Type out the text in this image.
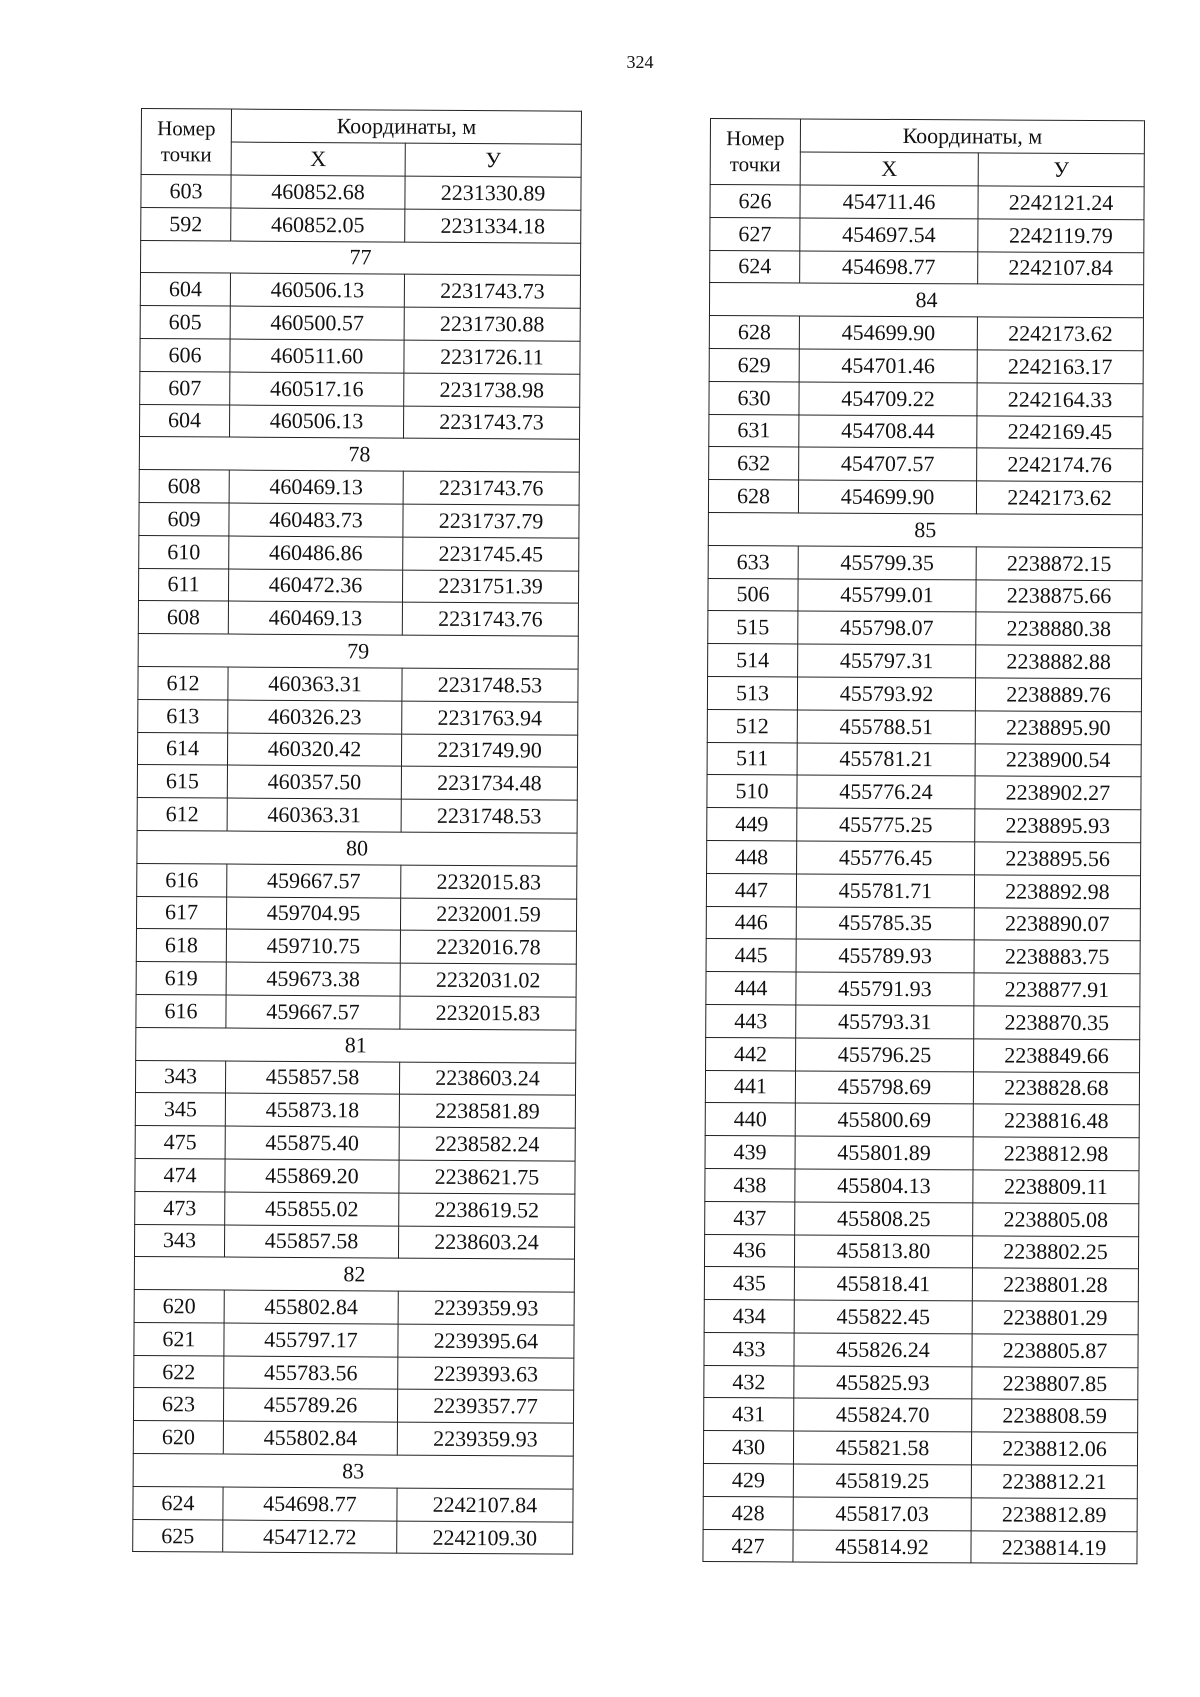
324
Номер точки	Координаты, м	
	X	У
603	460852.68	2231330.89
592	460852.05	2231334.18
77		
604	460506.13	2231743.73
605	460500.57	2231730.88
606	460511.60	2231726.11
607	460517.16	2231738.98
604	460506.13	2231743.73
78		
608	460469.13	2231743.76
609	460483.73	2231737.79
610	460486.86	2231745.45
611	460472.36	2231751.39
608	460469.13	2231743.76
79		
612	460363.31	2231748.53
613	460326.23	2231763.94
614	460320.42	2231749.90
615	460357.50	2231734.48
612	460363.31	2231748.53
80		
616	459667.57	2232015.83
617	459704.95	2232001.59
618	459710.75	2232016.78
619	459673.38	2232031.02
616	459667.57	2232015.83
81		
343	455857.58	2238603.24
345	455873.18	2238581.89
475	455875.40	2238582.24
474	455869.20	2238621.75
473	455855.02	2238619.52
343	455857.58	2238603.24
82		
620	455802.84	2239359.93
621	455797.17	2239395.64
622	455783.56	2239393.63
623	455789.26	2239357.77
620	455802.84	2239359.93
83		
624	454698.77	2242107.84
625	454712.72	2242109.30
Номер точки	Координаты, м	
	X	У
626	454711.46	2242121.24
627	454697.54	2242119.79
624	454698.77	2242107.84
84		
628	454699.90	2242173.62
629	454701.46	2242163.17
630	454709.22	2242164.33
631	454708.44	2242169.45
632	454707.57	2242174.76
628	454699.90	2242173.62
85		
633	455799.35	2238872.15
506	455799.01	2238875.66
515	455798.07	2238880.38
514	455797.31	2238882.88
513	455793.92	2238889.76
512	455788.51	2238895.90
511	455781.21	2238900.54
510	455776.24	2238902.27
449	455775.25	2238895.93
448	455776.45	2238895.56
447	455781.71	2238892.98
446	455785.35	2238890.07
445	455789.93	2238883.75
444	455791.93	2238877.91
443	455793.31	2238870.35
442	455796.25	2238849.66
441	455798.69	2238828.68
440	455800.69	2238816.48
439	455801.89	2238812.98
438	455804.13	2238809.11
437	455808.25	2238805.08
436	455813.80	2238802.25
435	455818.41	2238801.28
434	455822.45	2238801.29
433	455826.24	2238805.87
432	455825.93	2238807.85
431	455824.70	2238808.59
430	455821.58	2238812.06
429	455819.25	2238812.21
428	455817.03	2238812.89
427	455814.92	2238814.19
